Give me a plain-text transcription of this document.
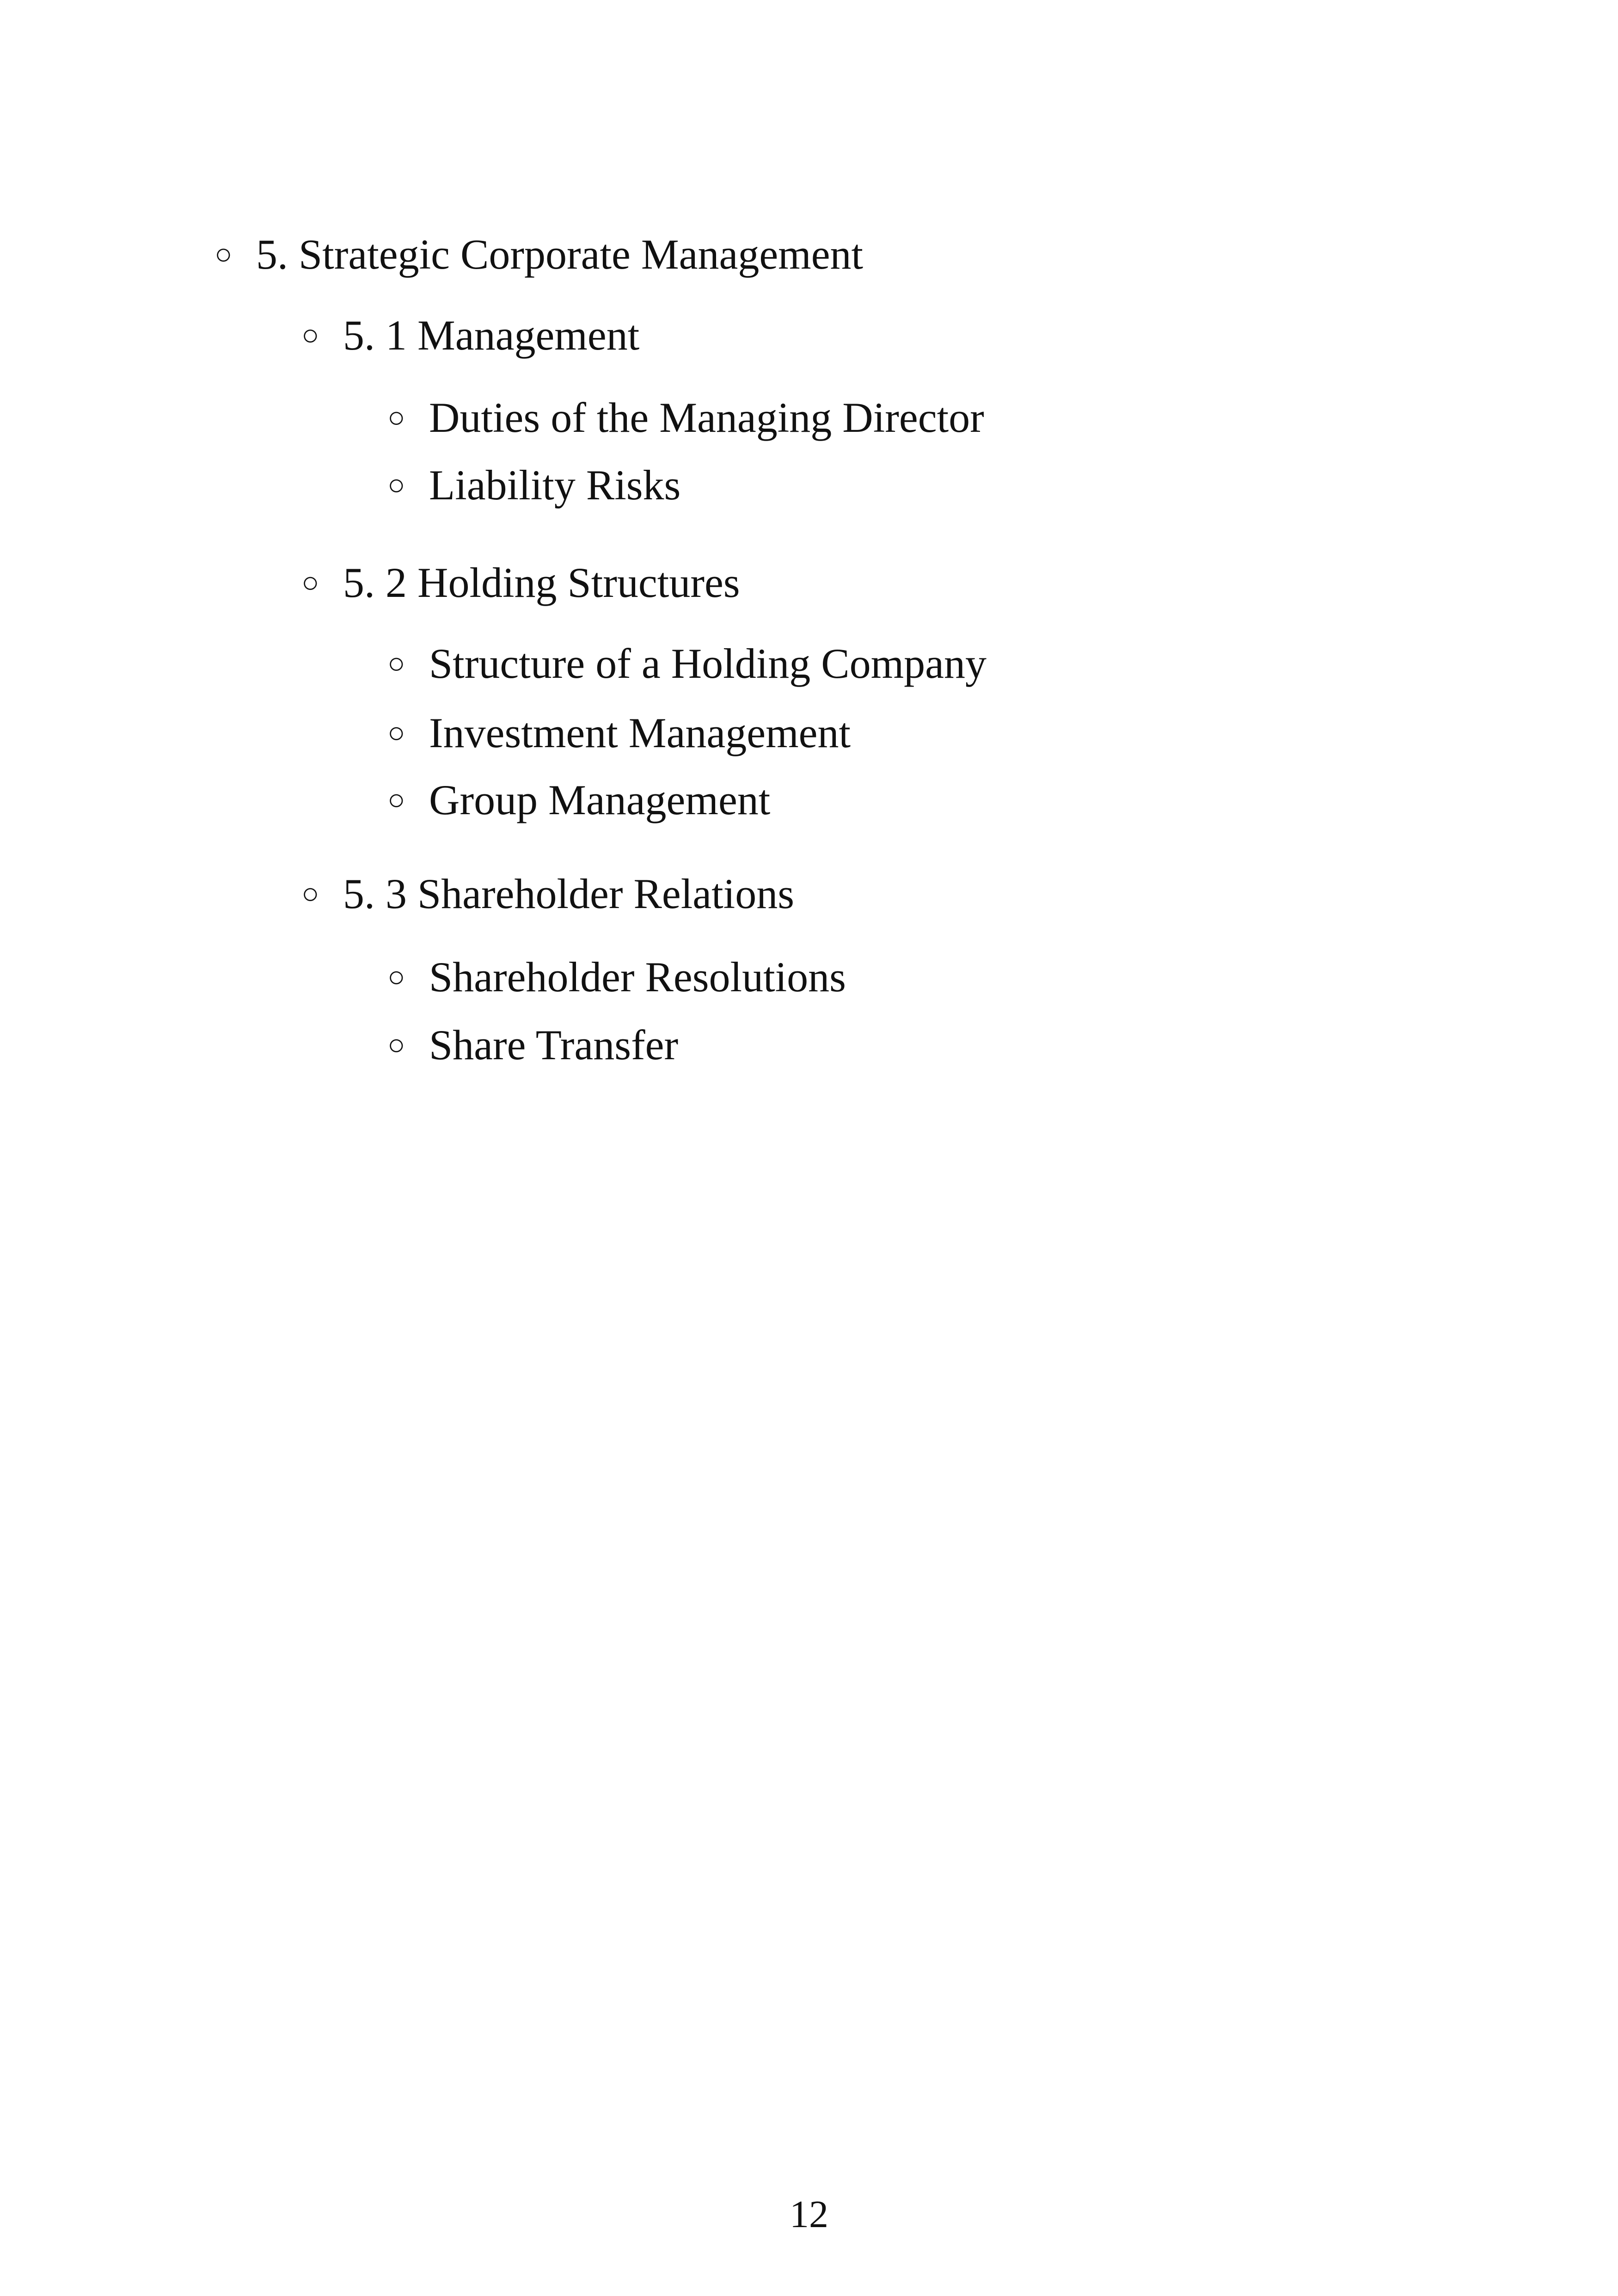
○ 5. Strategic Corporate Management
○ 5. 1 Management
○ Duties of the Managing Director
○ Liability Risks
○ 5. 2 Holding Structures
○ Structure of a Holding Company
○ Investment Management
○ Group Management
○ 5. 3 Shareholder Relations
○ Shareholder Resolutions
○ Share Transfer
12
